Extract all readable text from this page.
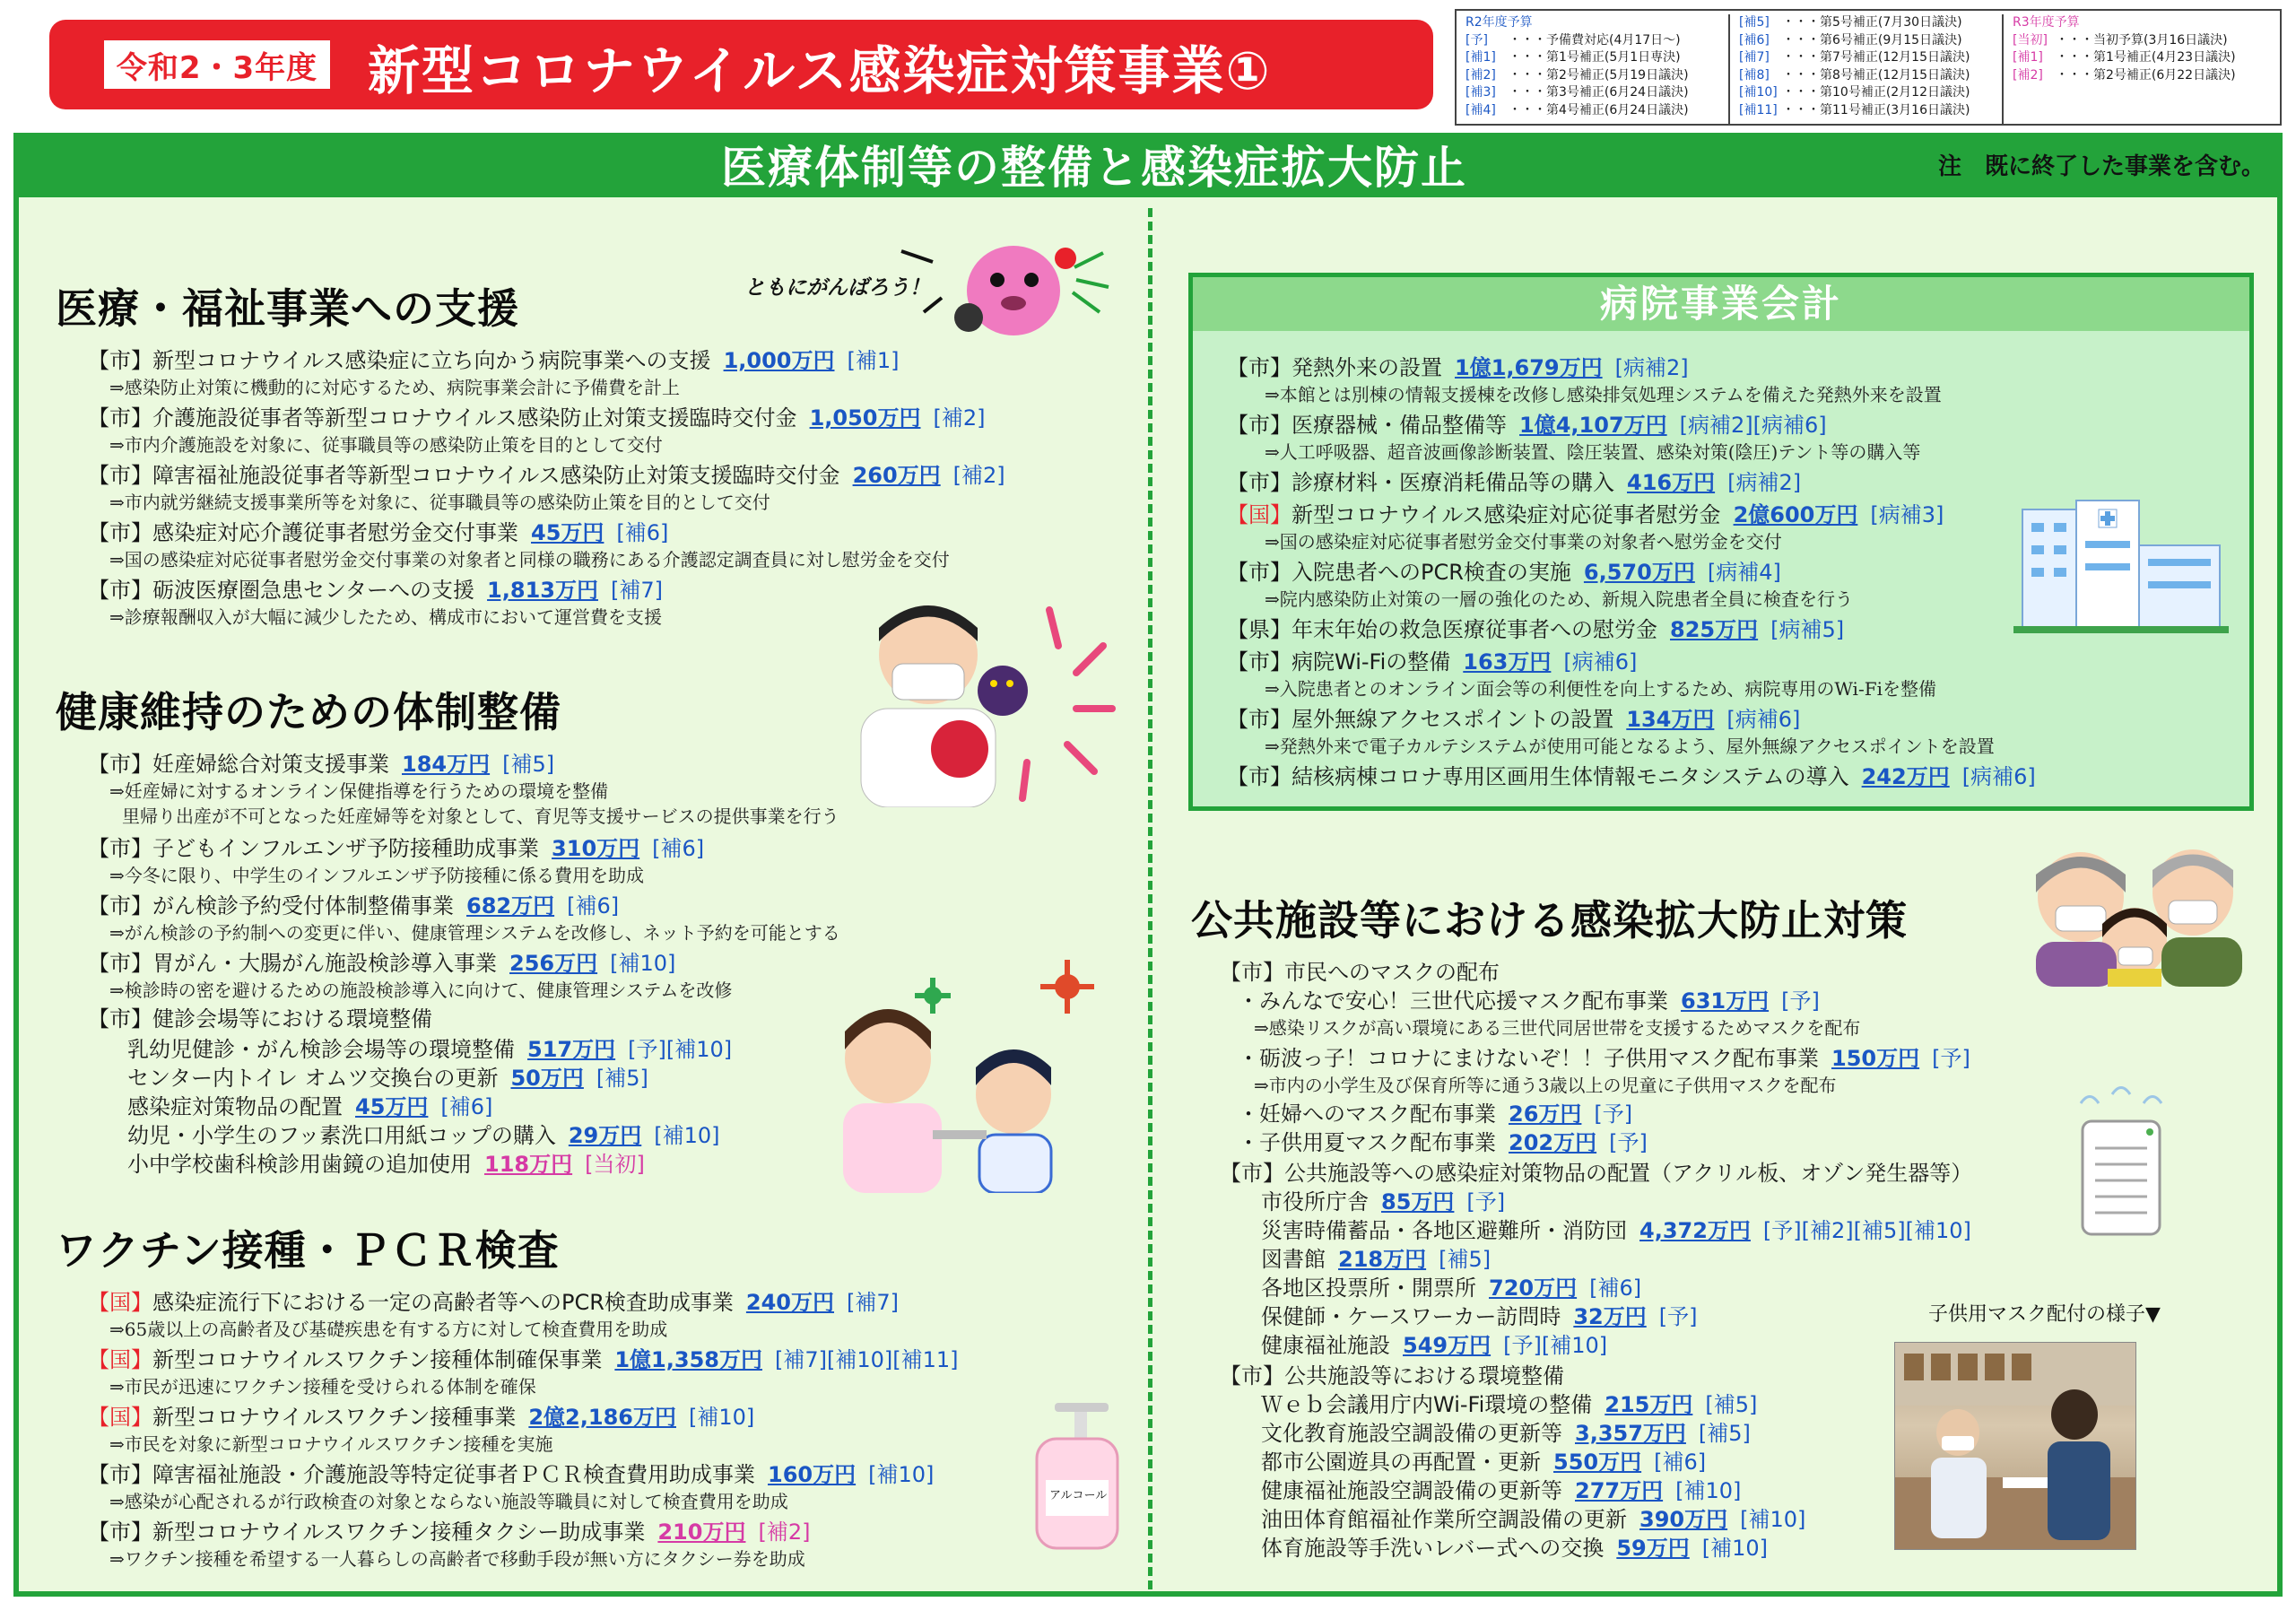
令和2・3年度 新型コロナウイルス感染症対策事業①
R2年度予算
[予] ・・・予備費対応(4月17日〜)
[補1] ・・・第1号補正(5月1日専決)
[補2] ・・・第2号補正(5月19日議決)
[補3] ・・・第3号補正(6月24日議決)
[補4] ・・・第4号補正(6月24日議決)
[補5] ・・・第5号補正(7月30日議決)
[補6] ・・・第6号補正(9月15日議決)
[補7] ・・・第7号補正(12月15日議決)
[補8] ・・・第8号補正(12月15日議決)
[補10] ・・・第10号補正(2月12日議決)
[補11] ・・・第11号補正(3月16日議決)
R3年度予算
[当初] ・・・当初予算(3月16日議決)
[補1] ・・・第1号補正(4月23日議決)
[補2] ・・・第2号補正(6月22日議決)
医療体制等の整備と感染症拡大防止	注　既に終了した事業を含む。
医療・福祉事業への支援	ともにがんばろう！
【市】新型コロナウイルス感染症に立ち向かう病院事業への支援 1,000万円 [補1]
⇒感染防止対策に機動的に対応するため、病院事業会計に予備費を計上
【市】介護施設従事者等新型コロナウイルス感染防止対策支援臨時交付金 1,050万円 [補2]
⇒市内介護施設を対象に、従事職員等の感染防止策を目的として交付
【市】障害福祉施設従事者等新型コロナウイルス感染防止対策支援臨時交付金 260万円 [補2]
⇒市内就労継続支援事業所等を対象に、従事職員等の感染防止策を目的として交付
【市】感染症対応介護従事者慰労金交付事業 45万円 [補6]
⇒国の感染症対応従事者慰労金交付事業の対象者と同様の職務にある介護認定調査員に対し慰労金を交付
【市】砺波医療圏急患センターへの支援 1,813万円 [補7]
⇒診療報酬収入が大幅に減少したため、構成市において運営費を支援
健康維持のための体制整備
【市】妊産婦総合対策支援事業 184万円 [補5]
⇒妊産婦に対するオンライン保健指導を行うための環境を整備
里帰り出産が不可となった妊産婦等を対象として、育児等支援サービスの提供事業を行う
【市】子どもインフルエンザ予防接種助成事業 310万円 [補6]
⇒今冬に限り、中学生のインフルエンザ予防接種に係る費用を助成
【市】がん検診予約受付体制整備事業 682万円 [補6]
⇒がん検診の予約制への変更に伴い、健康管理システムを改修し、ネット予約を可能とする
【市】胃がん・大腸がん施設検診導入事業 256万円 [補10]
⇒検診時の密を避けるための施設検診導入に向けて、健康管理システムを改修
【市】健診会場等における環境整備
乳幼児健診・がん検診会場等の環境整備 517万円 [予][補10]
センター内トイレ オムツ交換台の更新 50万円 [補5]
感染症対策物品の配置 45万円 [補6]
幼児・小学生のフッ素洗口用紙コップの購入 29万円 [補10]
小中学校歯科検診用歯鏡の追加使用 118万円 [当初]
ワクチン接種・ＰＣＲ検査
【国】感染症流行下における一定の高齢者等へのPCR検査助成事業 240万円 [補7]
⇒65歳以上の高齢者及び基礎疾患を有する方に対して検査費用を助成
【国】新型コロナウイルスワクチン接種体制確保事業 1億1,358万円 [補7][補10][補11]
⇒市民が迅速にワクチン接種を受けられる体制を確保
【国】新型コロナウイルスワクチン接種事業 2億2,186万円 [補10]
⇒市民を対象に新型コロナウイルスワクチン接種を実施
【市】障害福祉施設・介護施設等特定従事者ＰＣＲ検査費用助成事業 160万円 [補10]
⇒感染が心配されるが行政検査の対象とならない施設等職員に対して検査費用を助成
【市】新型コロナウイルスワクチン接種タクシー助成事業 210万円 [補2]
⇒ワクチン接種を希望する一人暮らしの高齢者で移動手段が無い方にタクシー券を助成
アルコール
病院事業会計
【市】発熱外来の設置 1億1,679万円 [病補2]
⇒本館とは別棟の情報支援棟を改修し感染排気処理システムを備えた発熱外来を設置
【市】医療器械・備品整備等 1億4,107万円 [病補2][病補6]
⇒人工呼吸器、超音波画像診断装置、陰圧装置、感染対策(陰圧)テント等の購入等
【市】診療材料・医療消耗備品等の購入 416万円 [病補2]
【国】新型コロナウイルス感染症対応従事者慰労金 2億600万円 [病補3]
⇒国の感染症対応従事者慰労金交付事業の対象者へ慰労金を交付
【市】入院患者へのPCR検査の実施 6,570万円 [病補4]
⇒院内感染防止対策の一層の強化のため、新規入院患者全員に検査を行う
【県】年末年始の救急医療従事者への慰労金 825万円 [病補5]
【市】病院Wi-Fiの整備 163万円 [病補6]
⇒入院患者とのオンライン面会等の利便性を向上するため、病院専用のWi-Fiを整備
【市】屋外無線アクセスポイントの設置 134万円 [病補6]
⇒発熱外来で電子カルテシステムが使用可能となるよう、屋外無線アクセスポイントを設置
【市】結核病棟コロナ専用区画用生体情報モニタシステムの導入 242万円 [病補6]
公共施設等における感染拡大防止対策
【市】市民へのマスクの配布
・みんなで安心！三世代応援マスク配布事業 631万円 [予]
⇒感染リスクが高い環境にある三世代同居世帯を支援するためマスクを配布
・砺波っ子！コロナにまけないぞ！！子供用マスク配布事業 150万円 [予]
⇒市内の小学生及び保育所等に通う3歳以上の児童に子供用マスクを配布
・妊婦へのマスク配布事業 26万円 [予]
・子供用夏マスク配布事業 202万円 [予]
【市】公共施設等への感染症対策物品の配置（アクリル板、オゾン発生器等）
市役所庁舎 85万円 [予]
災害時備蓄品・各地区避難所・消防団 4,372万円 [予][補2][補5][補10]
図書館 218万円 [補5]
各地区投票所・開票所 720万円 [補6]
保健師・ケースワーカー訪問時 32万円 [予]
健康福祉施設 549万円 [予][補10]
【市】公共施設等における環境整備
Ｗｅｂ会議用庁内Wi-Fi環境の整備 215万円 [補5]
文化教育施設空調設備の更新等 3,357万円 [補5]
都市公園遊具の再配置・更新 550万円 [補6]
健康福祉施設空調設備の更新等 277万円 [補10]
油田体育館福祉作業所空調設備の更新 390万円 [補10]
体育施設等手洗いレバー式への交換 59万円 [補10]
子供用マスク配付の様子▼
